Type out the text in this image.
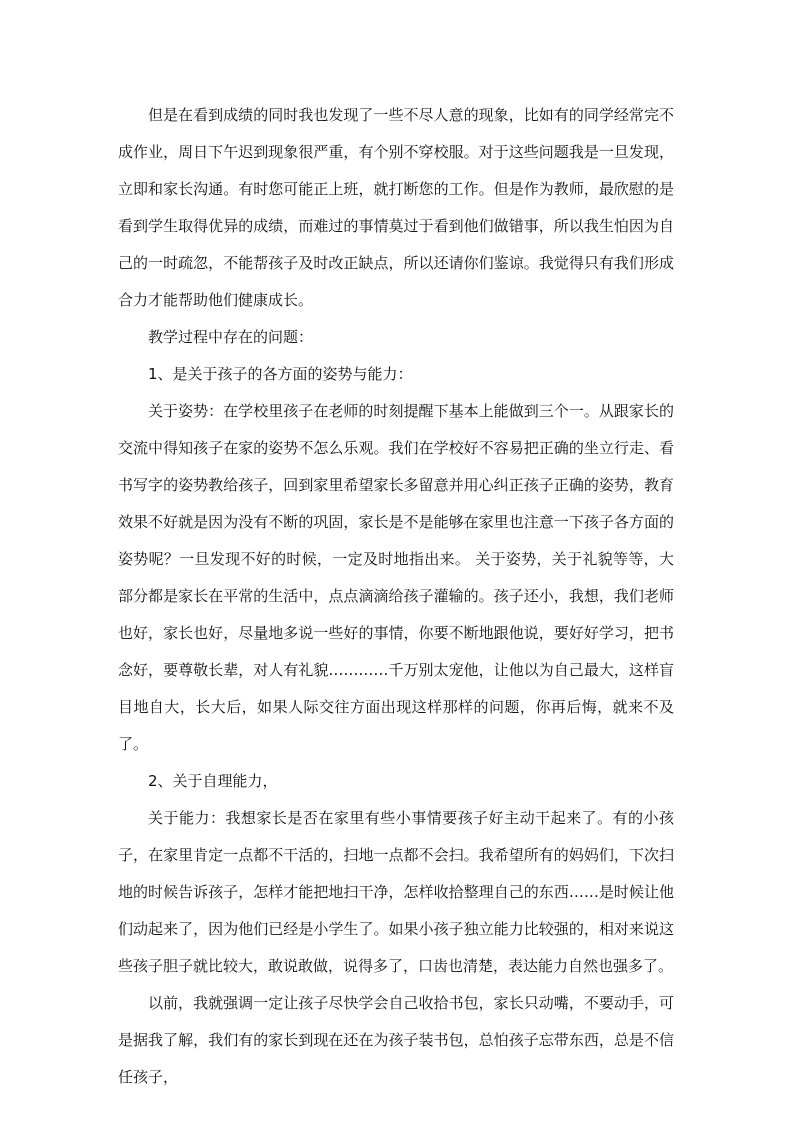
但是在看到成绩的同时我也发现了一些不尽人意的现象，比如有的同学经常完不成作业，周日下午迟到现象很严重，有个别不穿校服。对于这些问题我是一旦发现，立即和家长沟通。有时您可能正上班，就打断您的工作。但是作为教师，最欣慰的是看到学生取得优异的成绩，而难过的事情莫过于看到他们做错事，所以我生怕因为自己的一时疏忽，不能帮孩子及时改正缺点，所以还请你们鉴谅。我觉得只有我们形成合力才能帮助他们健康成长。

教学过程中存在的问题：

1、是关于孩子的各方面的姿势与能力：

关于姿势：在学校里孩子在老师的时刻提醒下基本上能做到三个一。从跟家长的交流中得知孩子在家的姿势不怎么乐观。我们在学校好不容易把正确的坐立行走、看书写字的姿势教给孩子，回到家里希望家长多留意并用心纠正孩子正确的姿势，教育效果不好就是因为没有不断的巩固，家长是不是能够在家里也注意一下孩子各方面的姿势呢？一旦发现不好的时候，一定及时地指出来。 关于姿势，关于礼貌等等，大部分都是家长在平常的生活中，点点滴滴给孩子灌输的。孩子还小，我想，我们老师也好，家长也好，尽量地多说一些好的事情，你要不断地跟他说，要好好学习，把书念好，要尊敬长辈，对人有礼貌…………千万别太宠他，让他以为自己最大，这样盲目地自大，长大后，如果人际交往方面出现这样那样的问题，你再后悔，就来不及了。

2、关于自理能力，

关于能力：我想家长是否在家里有些小事情要孩子好主动干起来了。有的小孩子，在家里肯定一点都不干活的，扫地一点都不会扫。我希望所有的妈妈们，下次扫地的时候告诉孩子，怎样才能把地扫干净，怎样收拾整理自己的东西……是时候让他们动起来了，因为他们已经是小学生了。如果小孩子独立能力比较强的，相对来说这些孩子胆子就比较大，敢说敢做，说得多了，口齿也清楚，表达能力自然也强多了。

以前，我就强调一定让孩子尽快学会自己收拾书包，家长只动嘴，不要动手，可是据我了解，我们有的家长到现在还在为孩子装书包，总怕孩子忘带东西，总是不信任孩子，
